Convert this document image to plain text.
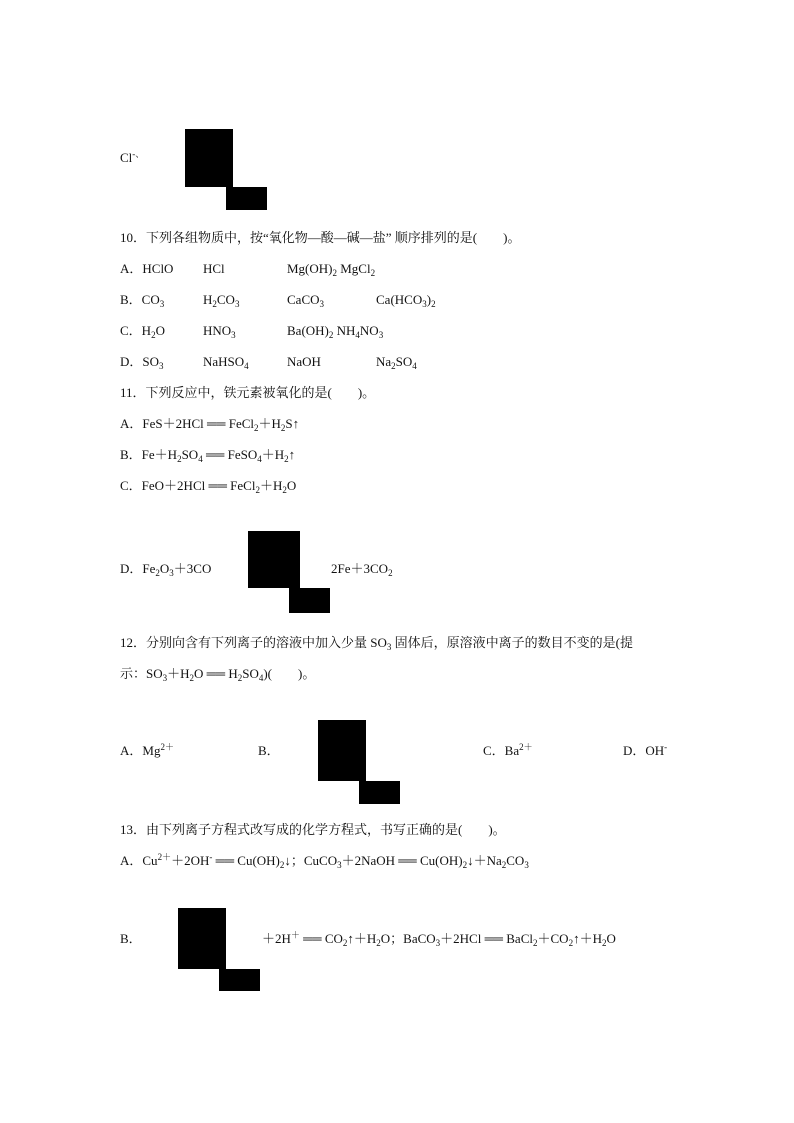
Cl-、
10．下列各组物质中，按“氧化物—酸—碱—盐” 顺序排列的是(　　)。
A．HClO HCl	$Mg(OH)_2$ MgCl$_2$
B．$CO_3$	$H_2CO_3$	CaCO$_3$	$Ca(HCO_3)_2$
C．$H_2O$	$HNO_3$	$Ba(OH)_2$ $NH_4NO_3$
D．$SO_3$	NaHSO$_4$	NaOH	$Na_2SO_4$
11．下列反应中，铁元素被氧化的是(　　)。
A．FeS＋2HCl ══ $FeCl_2+H_2S↑$
B．$Fe+H_2SO_4$ ══ $FeSO_4+H_2↑$
C．FeO＋2HCl ══ $FeCl_2+H_2O$
D．$Fe_2O_3+3CO$	$2Fe+3CO_2$
12．分别向含有下列离子的溶液中加入少量 $SO_3$ 固体后，原溶液中离子的数目不变的是(提
示：$SO_3+H_2O$ ══ $H_2SO_4$)(　　)。
A．$Mg^{2+}$	B．	C．$Ba^{2+}$	D．OH-
13．由下列离子方程式改写成的化学方程式，书写正确的是(　　)。
A．$Cu^{2+}+2OH^-$ ══ $Cu(OH)_2↓$；CuCO$_3$＋2NaOH ══ $Cu(OH)_2↓+Na_2CO_3$
B．	＋2H＋ ══ $CO_2↑+H_2O$；BaCO$_3$＋2HCl ══ $BaCl_2+CO_2↑+H_2O$
